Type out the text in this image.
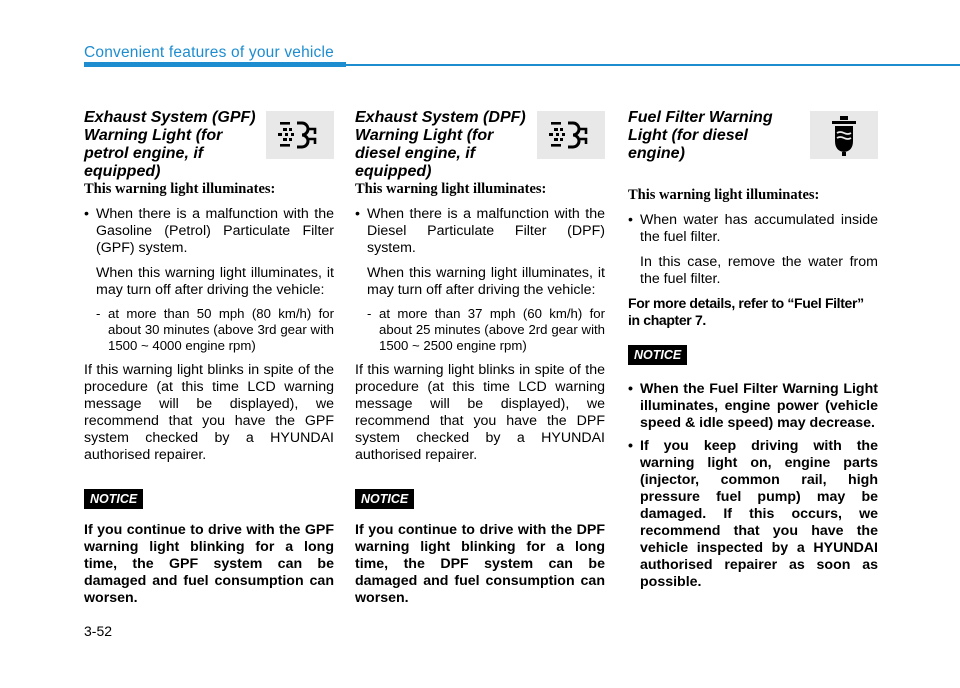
Convenient features of your vehicle
Exhaust System (GPF) Warning Light (for petrol engine, if equipped)
This warning light illuminates:
• When there is a malfunction with the Gasoline (Petrol) Particulate Filter (GPF) system.
When this warning light illuminates, it may turn off after driving the vehicle:
- at more than 50 mph (80 km/h) for about 30 minutes (above 3rd gear with 1500 ~ 4000 engine rpm)
If this warning light blinks in spite of the procedure (at this time LCD warning message will be displayed), we recommend that you have the GPF system checked by a HYUNDAI authorised repairer.
NOTICE
If you continue to drive with the GPF warning light blinking for a long time, the GPF system can be damaged and fuel consumption can worsen.
Exhaust System (DPF) Warning Light (for diesel engine, if equipped)
This warning light illuminates:
• When there is a malfunction with the Diesel Particulate Filter (DPF) system.
When this warning light illuminates, it may turn off after driving the vehicle:
- at more than 37 mph (60 km/h) for about 25 minutes (above 2rd gear with 1500 ~ 2500 engine rpm)
If this warning light blinks in spite of the procedure (at this time LCD warning message will be displayed), we recommend that you have the DPF system checked by a HYUNDAI authorised repairer.
NOTICE
If you continue to drive with the DPF warning light blinking for a long time, the DPF system can be damaged and fuel consumption can worsen.
Fuel Filter Warning Light (for diesel engine)
This warning light illuminates:
• When water has accumulated inside the fuel filter.
In this case, remove the water from the fuel filter.
For more details, refer to “Fuel Filter” in chapter 7.
NOTICE
• When the Fuel Filter Warning Light illuminates, engine power (vehicle speed & idle speed) may decrease.
• If you keep driving with the warning light on, engine parts (injector, common rail, high pressure fuel pump) may be damaged. If this occurs, we recommend that you have the vehicle inspected by a HYUNDAI authorised repairer as soon as possible.
3-52
